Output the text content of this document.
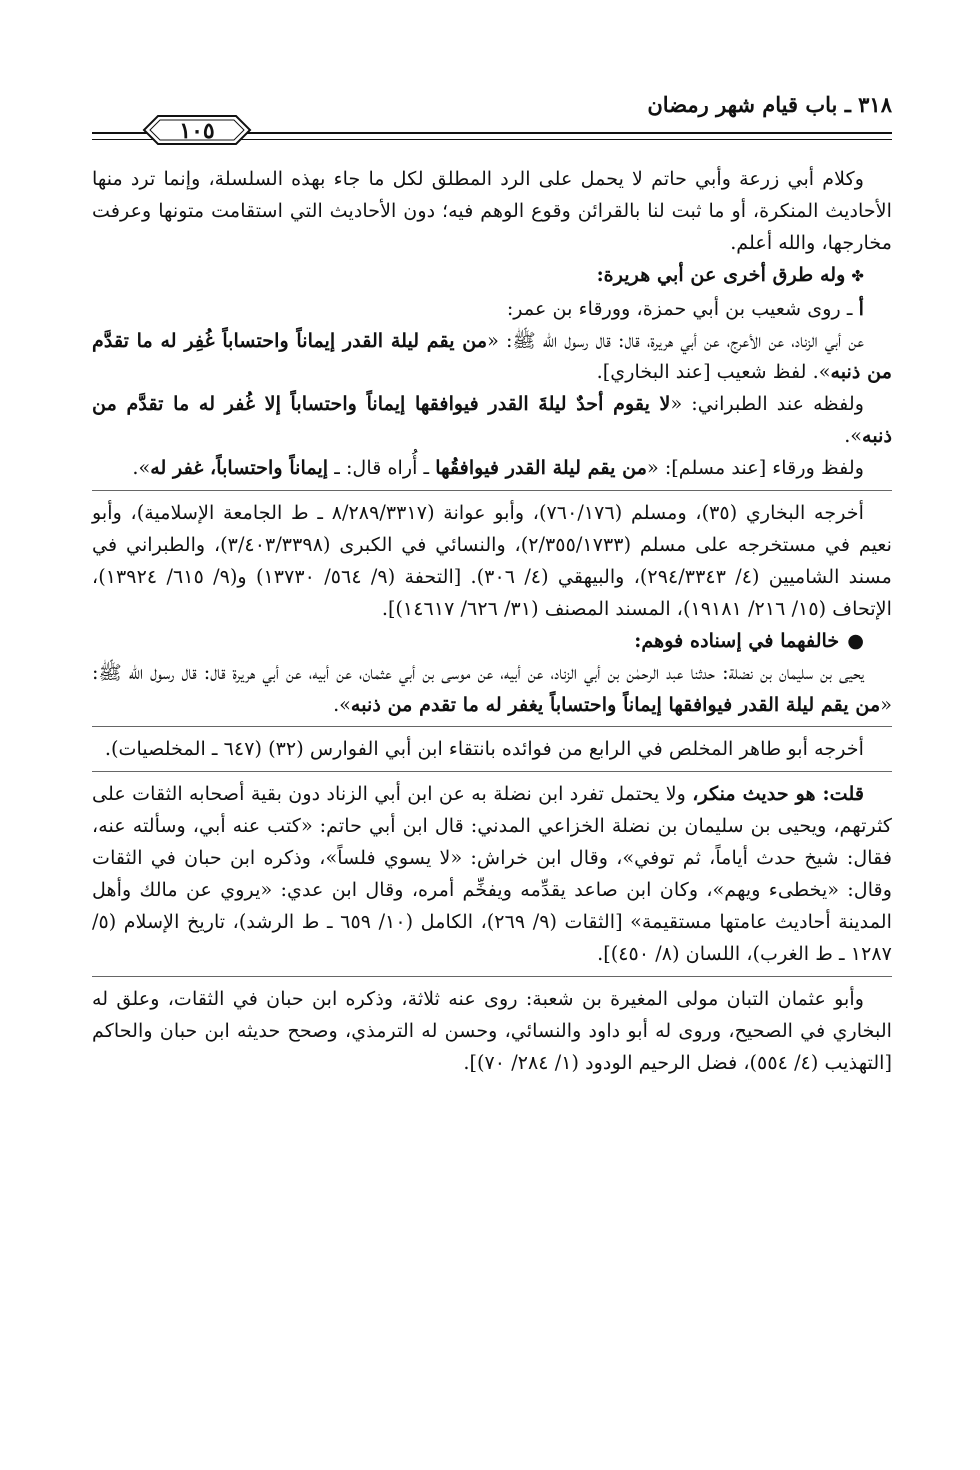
٣١٨ ـ باب قيام شهر رمضان
١٠٥

وكلام أبي زرعة وأبي حاتم لا يحمل على الرد المطلق لكل ما جاء بهذه السلسلة، وإنما ترد منها الأحاديث المنكرة، أو ما ثبت لنا بالقرائن وقوع الوهم فيه؛ دون الأحاديث التي استقامت متونها وعرفت مخارجها، والله أعلم.

✤وله طرق أخرى عن أبي هريرة:

أ ـ روى شعيب بن أبي حمزة، وورقاء بن عمر:

عن أبي الزناد، عن الأعرج، عن أبي هريرة، قال: قال رسول الله ﷺ: «من يقم ليلة القدر إيماناً واحتساباً غُفِر له ما تقدَّم من ذنبه». لفظ شعيب [عند البخاري].

ولفظه عند الطبراني: «لا يقوم أحدٌ ليلةَ القدر فيوافقها إيماناً واحتساباً إلا غُفر له ما تقدَّم من ذنبه».

ولفظ ورقاء [عند مسلم]: «من يقم ليلة القدر فيوافقُها ـ أُراه قال: ـ إيماناً واحتساباً، غفر له».

أخرجه البخاري (٣٥)، ومسلم (٧٦٠/١٧٦)، وأبو عوانة (٨/٢٨٩/٣٣١٧ ـ ط الجامعة الإسلامية)، وأبو نعيم في مستخرجه على مسلم (٢/٣٥٥/١٧٣٣)، والنسائي في الكبرى (٣/٤٠٣/٣٣٩٨)، والطبراني في مسند الشاميين (٤/ ٢٩٤/٣٣٤٣)، والبيهقي (٤/ ٣٠٦). [التحفة (٩/ ٥٦٤/ ١٣٧٣٠) و(٩/ ٦١٥/ ١٣٩٢٤)، الإتحاف (١٥/ ٢١٦/ ١٩١٨١)، المسند المصنف (٣١/ ٦٢٦/ ١٤٦١٧)].

●خالفهما في إسناده فوهم:

يحيى بن سليمان بن نضلة: حدثنا عبد الرحمٰن بن أبي الزناد، عن أبيه، عن موسى بن أبي عثمان، عن أبيه، عن أبي هريرة قال: قال رسول الله ﷺ: «من يقم ليلة القدر فيوافقها إيماناً واحتساباً يغفر له ما تقدم من ذنبه».

أخرجه أبو طاهر المخلص في الرابع من فوائده بانتقاء ابن أبي الفوارس (٣٢) (٦٤٧ ـ المخلصيات).

قلت: هو حديث منكر، ولا يحتمل تفرد ابن نضلة به عن ابن أبي الزناد دون بقية أصحابه الثقات على كثرتهم، ويحيى بن سليمان بن نضلة الخزاعي المدني: قال ابن أبي حاتم: «كتب عنه أبي، وسألته عنه، فقال: شيخ حدث أياماً، ثم توفي»، وقال ابن خراش: «لا يسوي فلساً»، وذكره ابن حبان في الثقات وقال: «يخطىء ويهم»، وكان ابن صاعد يقدِّمه ويفخِّم أمره، وقال ابن عدي: «يروي عن مالك وأهل المدينة أحاديث عامتها مستقيمة» [الثقات (٩/ ٢٦٩)، الكامل (١٠/ ٦٥٩ ـ ط الرشد)، تاريخ الإسلام (٥/ ١٢٨٧ ـ ط الغرب)، اللسان (٨/ ٤٥٠)].

وأبو عثمان التبان مولى المغيرة بن شعبة: روى عنه ثلاثة، وذكره ابن حبان في الثقات، وعلق له البخاري في الصحيح، وروى له أبو داود والنسائي، وحسن له الترمذي، وصحح حديثه ابن حبان والحاكم [التهذيب (٤/ ٥٥٤)، فضل الرحيم الودود (١/ ٢٨٤/ ٧٠)].
